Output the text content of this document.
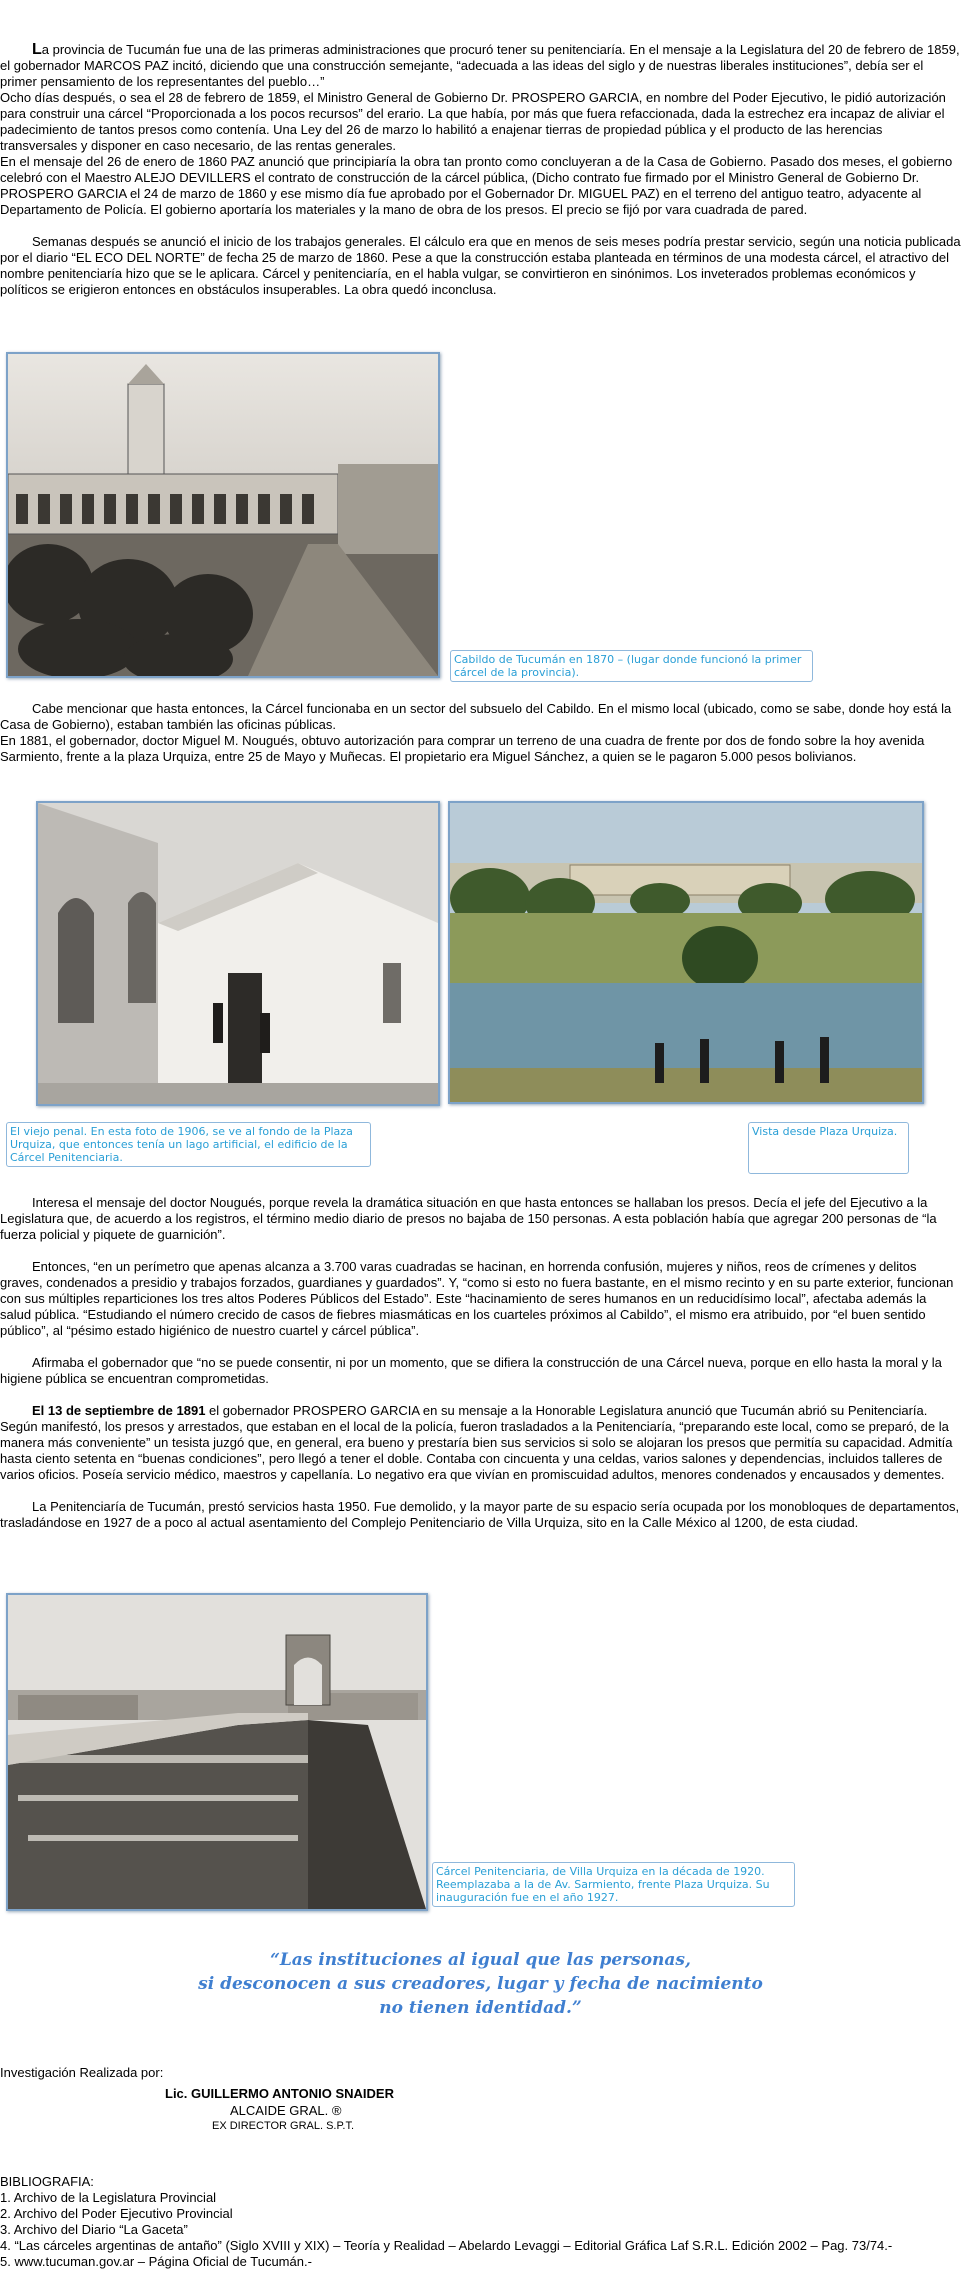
La provincia de Tucumán fue una de las primeras administraciones que procuró tener su penitenciaría. En el mensaje a la Legislatura del 20 de febrero de 1859, el gobernador MARCOS PAZ incitó, diciendo que una construcción semejante, “adecuada a las ideas del siglo y de nuestras liberales instituciones”, debía ser el primer pensamiento de los representantes del pueblo…”

Ocho días después, o sea el 28 de febrero de 1859, el Ministro General de Gobierno Dr. PROSPERO GARCIA, en nombre del Poder Ejecutivo, le pidió autorización para construir una cárcel “Proporcionada a los pocos recursos” del erario. La que había, por más que fuera refaccionada, dada la estrechez era incapaz de aliviar el padecimiento de tantos presos como contenía. Una Ley del 26 de marzo lo habilitó a enajenar tierras de propiedad pública y el producto de las herencias transversales y disponer en caso necesario, de las rentas generales.

En el mensaje del 26 de enero de 1860 PAZ anunció que principiaría la obra tan pronto como concluyeran a de la Casa de Gobierno. Pasado dos meses, el gobierno celebró con el Maestro ALEJO DEVILLERS el contrato de construcción de la cárcel pública, (Dicho contrato fue firmado por el Ministro General de Gobierno Dr. PROSPERO GARCIA el 24 de marzo de 1860 y ese mismo día fue aprobado por el Gobernador Dr. MIGUEL PAZ) en el terreno del antiguo teatro, adyacente al Departamento de Policía. El gobierno aportaría los materiales y la mano de obra de los presos. El precio se fijó por vara cuadrada de pared.

Semanas después se anunció el inicio de los trabajos generales. El cálculo era que en menos de seis meses podría prestar servicio, según una noticia publicada por el diario “EL ECO DEL NORTE” de fecha 25 de marzo de 1860. Pese a que la construcción estaba planteada en términos de una modesta cárcel, el atractivo del nombre penitenciaría hizo que se le aplicara. Cárcel y penitenciaría, en el habla vulgar, se convirtieron en sinónimos. Los inveterados problemas económicos y políticos se erigieron entonces en obstáculos insuperables. La obra quedó inconclusa.

Cabildo de Tucumán en 1870 – (lugar donde funcionó la primer cárcel de la provincia).

Cabe mencionar que hasta entonces, la Cárcel funcionaba en un sector del subsuelo del Cabildo. En el mismo local (ubicado, como se sabe, donde hoy está la Casa de Gobierno), estaban también las oficinas públicas.

En 1881, el gobernador, doctor Miguel M. Nougués, obtuvo autorización para comprar un terreno de una cuadra de frente por dos de fondo sobre la hoy avenida Sarmiento, frente a la plaza Urquiza, entre 25 de Mayo y Muñecas. El propietario era Miguel Sánchez, a quien se le pagaron 5.000 pesos bolivianos.

El viejo penal. En esta foto de 1906, se ve al fondo de la Plaza Urquiza, que entonces tenía un lago artificial, el edificio de la Cárcel Penitenciaria.
Vista desde Plaza Urquiza.

Interesa el mensaje del doctor Nougués, porque revela la dramática situación en que hasta entonces se hallaban los presos. Decía el jefe del Ejecutivo a la Legislatura que, de acuerdo a los registros, el término medio diario de presos no bajaba de 150 personas. A esta población había que agregar 200 personas de “la fuerza policial y piquete de guarnición”.

Entonces, “en un perímetro que apenas alcanza a 3.700 varas cuadradas se hacinan, en horrenda confusión, mujeres y niños, reos de crímenes y delitos graves, condenados a presidio y trabajos forzados, guardianes y guardados”. Y, “como si esto no fuera bastante, en el mismo recinto y en su parte exterior, funcionan con sus múltiples reparticiones los tres altos Poderes Públicos del Estado”. Este “hacinamiento de seres humanos en un reducidísimo local”, afectaba además la salud pública. “Estudiando el número crecido de casos de fiebres miasmáticas en los cuarteles próximos al Cabildo”, el mismo era atribuido, por “el buen sentido público”, al “pésimo estado higiénico de nuestro cuartel y cárcel pública”.

Afirmaba el gobernador que “no se puede consentir, ni por un momento, que se difiera la construcción de una Cárcel nueva, porque en ello hasta la moral y la higiene pública se encuentran comprometidas.

El 13 de septiembre de 1891 el gobernador PROSPERO GARCIA en su mensaje a la Honorable Legislatura anunció que Tucumán abrió su Penitenciaría. Según manifestó, los presos y arrestados, que estaban en el local de la policía, fueron trasladados a la Penitenciaría, “preparando este local, como se preparó, de la manera más conveniente” un tesista juzgó que, en general, era bueno y prestaría bien sus servicios si solo se alojaran los presos que permitía su capacidad. Admitía hasta ciento setenta en “buenas condiciones”, pero llegó a tener el doble. Contaba con cincuenta y una celdas, varios salones y dependencias, incluidos talleres de varios oficios. Poseía servicio médico, maestros y capellanía. Lo negativo era que vivían en promiscuidad adultos, menores condenados y encausados y dementes.

La Penitenciaría de Tucumán, prestó servicios hasta 1950. Fue demolido, y la mayor parte de su espacio sería ocupada por los monobloques de departamentos, trasladándose en 1927 de a poco al actual asentamiento del Complejo Penitenciario de Villa Urquiza, sito en la Calle México al 1200, de esta ciudad.

Cárcel Penitenciaria, de Villa Urquiza en la década de 1920. Reemplazaba a la de Av. Sarmiento, frente Plaza Urquiza. Su inauguración fue en el año 1927.
“Las instituciones al igual que las personas,
si desconocen a sus creadores, lugar y fecha de nacimiento
no tienen identidad.”
Investigación Realizada por:
Lic. GUILLERMO ANTONIO SNAIDER
ALCAIDE GRAL. ®
EX DIRECTOR GRAL. S.P.T.

BIBLIOGRAFIA:

1. Archivo de la Legislatura Provincial

2. Archivo del Poder Ejecutivo Provincial

3. Archivo del Diario “La Gaceta”

4. “Las cárceles argentinas de antaño” (Siglo XVIII y XIX) – Teoría y Realidad – Abelardo Levaggi – Editorial Gráfica Laf S.R.L. Edición 2002 – Pag. 73/74.-

5. www.tucuman.gov.ar – Página Oficial de Tucumán.-
